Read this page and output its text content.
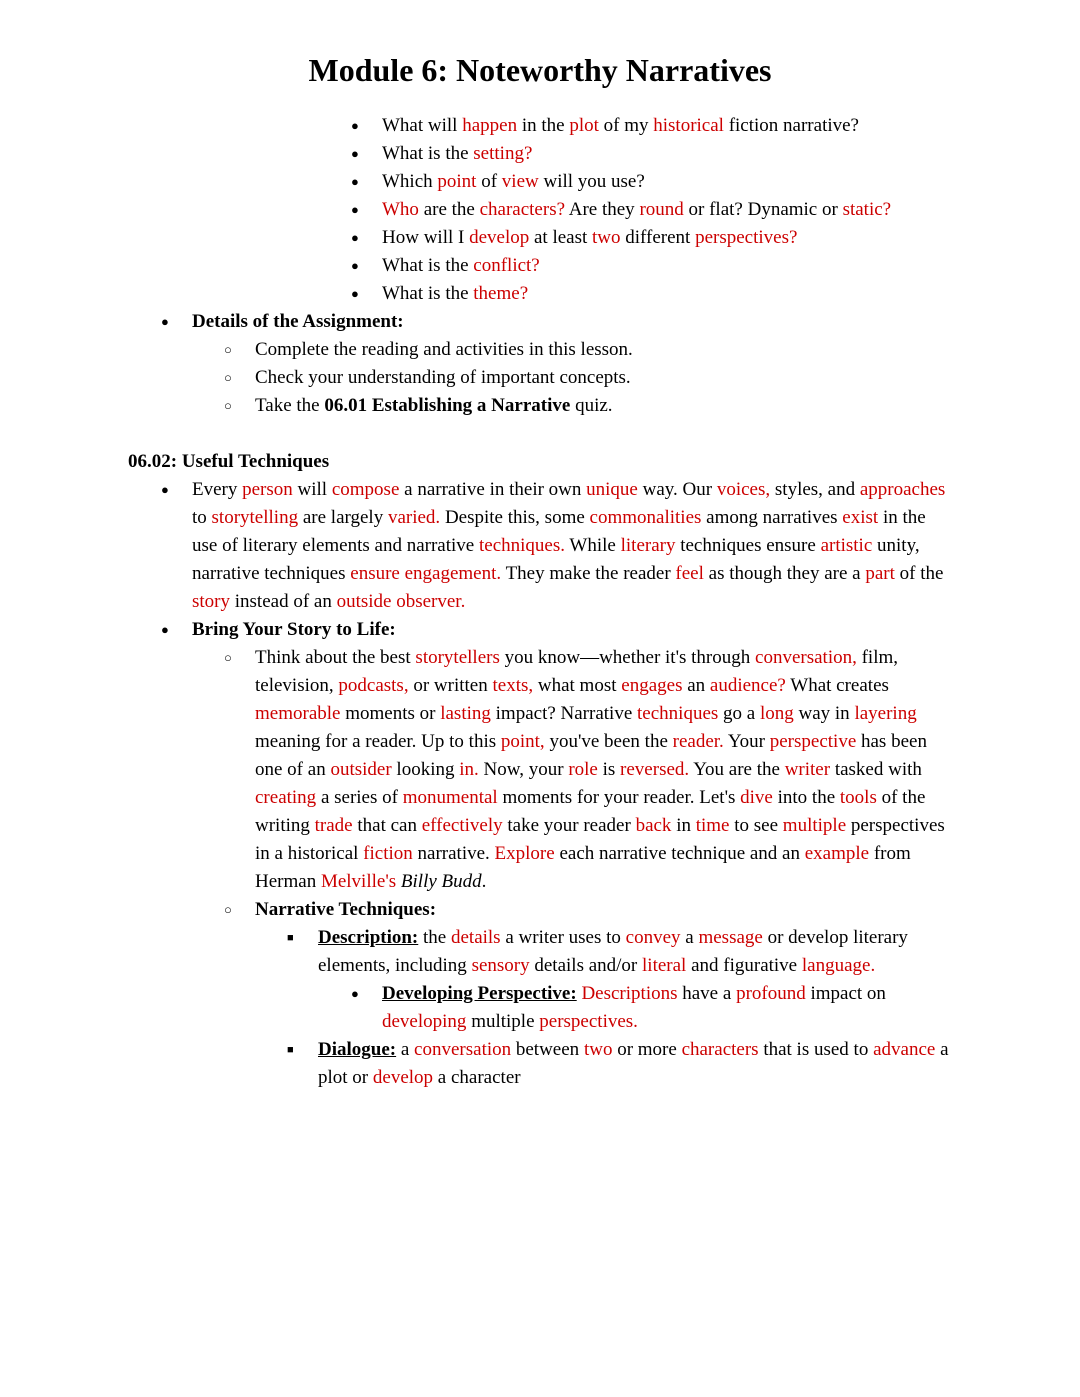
Module 6: Noteworthy Narratives
●	What will happen in the plot of my historical fiction narrative?
●	What is the setting?
●	Which point of view will you use?
●	Who are the characters? Are they round or flat? Dynamic or static?
●	How will I develop at least two different perspectives?
●	What is the conflict?
●	What is the theme?
●	Details of the Assignment:
○	Complete the reading and activities in this lesson.
○	Check your understanding of important concepts.
○	Take the 06.01 Establishing a Narrative quiz.
06.02: Useful Techniques
●	Every person will compose a narrative in their own unique way. Our voices, styles, and approaches to storytelling are largely varied. Despite this, some commonalities among narratives exist in the use of literary elements and narrative techniques. While literary techniques ensure artistic unity, narrative techniques ensure engagement. They make the reader feel as though they are a part of the story instead of an outside observer.
●	Bring Your Story to Life:
○	Think about the best storytellers you know—whether it's through conversation, film, television, podcasts, or written texts, what most engages an audience? What creates memorable moments or lasting impact? Narrative techniques go a long way in layering meaning for a reader. Up to this point, you've been the reader. Your perspective has been one of an outsider looking in. Now, your role is reversed. You are the writer tasked with creating a series of monumental moments for your reader. Let's dive into the tools of the writing trade that can effectively take your reader back in time to see multiple perspectives in a historical fiction narrative. Explore each narrative technique and an example from Herman Melville's Billy Budd.
○	Narrative Techniques:
■	Description: the details a writer uses to convey a message or develop literary elements, including sensory details and/or literal and figurative language.
●	Developing Perspective: Descriptions have a profound impact on developing multiple perspectives.
■	Dialogue: a conversation between two or more characters that is used to advance a plot or develop a character
